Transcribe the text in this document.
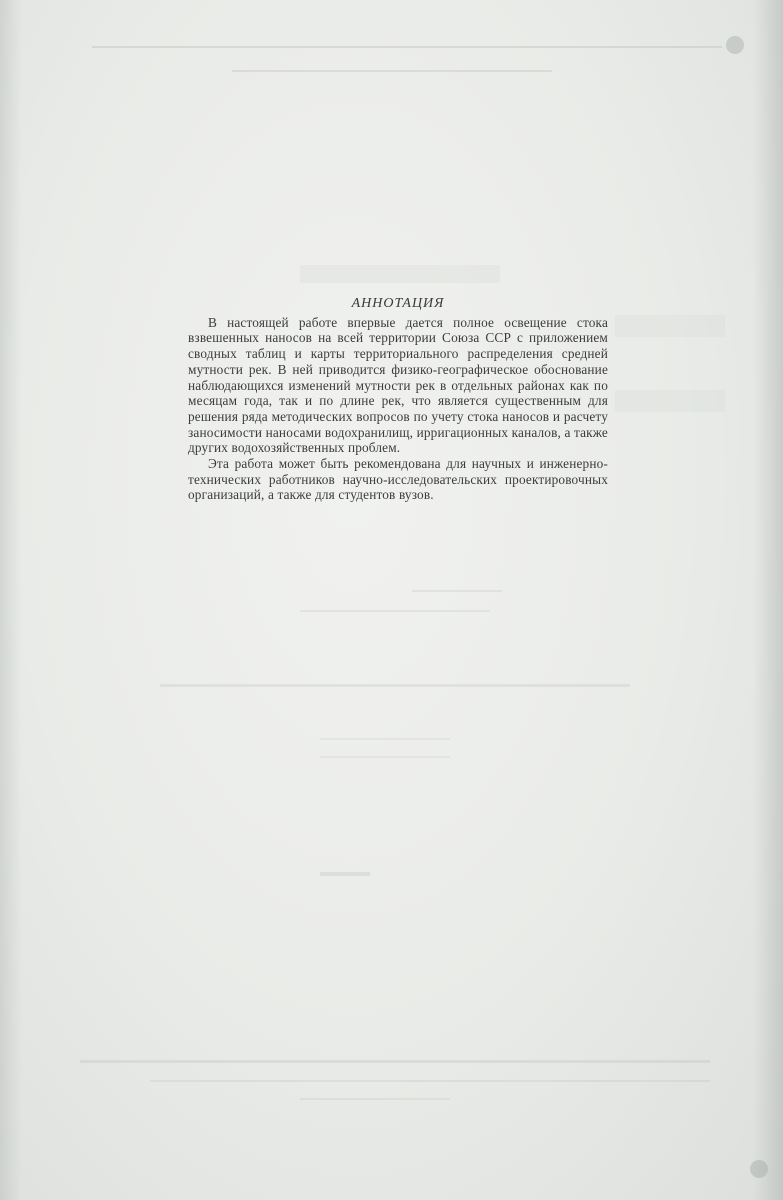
АННОТАЦИЯ

В настоящей работе впервые дается полное освещение стока взвешенных наносов на всей территории Союза ССР с приложением сводных таблиц и карты территориального распределения средней мутности рек. В ней приводится физико-географическое обоснование наблюдающихся изменений мутности рек в отдельных районах как по месяцам года, так и по длине рек, что является существенным для решения ряда методических вопросов по учету стока наносов и расчету заносимости наносами водохранилищ, ирригационных каналов, а также других водохозяйственных проблем.

Эта работа может быть рекомендована для научных и инженерно-технических работников научно-исследовательских проектировочных организаций, а также для студентов вузов.
